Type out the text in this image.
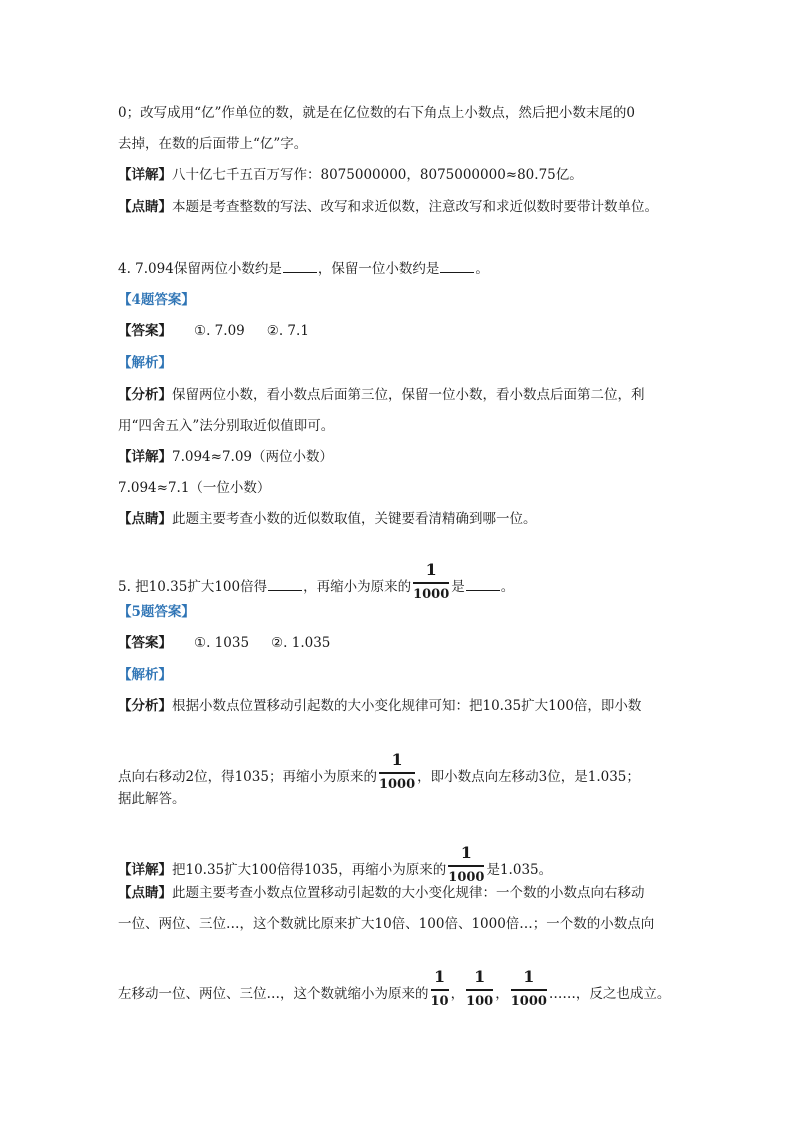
0；改写成用“亿”作单位的数，就是在亿位数的右下角点上小数点，然后把小数末尾的0
去掉，在数的后面带上“亿”字。
【详解】八十亿七千五百万写作：8075000000，8075000000≈80.75亿。
【点睛】本题是考查整数的写法、改写和求近似数，注意改写和求近似数时要带计数单位。
4. 7.094保留两位小数约是	，保留一位小数约是	。
【4题答案】
【答案】 ①. 7.09 ②. 7.1
【解析】
【分析】保留两位小数，看小数点后面第三位，保留一位小数，看小数点后面第二位，利
用“四舍五入”法分别取近似值即可。
【详解】7.094≈7.09（两位小数）
7.094≈7.1（一位小数）
【点睛】此题主要考查小数的近似数取值，关键要看清精确到哪一位。
5. 把10.35扩大100倍得	，再缩小为原来的 $\frac{1}{1000}$ 是	。
【5题答案】
【答案】 ①. 1035 ②. 1.035
【解析】
【分析】根据小数点位置移动引起数的大小变化规律可知：把10.35扩大100倍，即小数
点向右移动2位，得1035；再缩小为原来的 $\frac{1}{1000}$ ，即小数点向左移动3位，是1.035；
据此解答。
【详解】把10.35扩大100倍得1035，再缩小为原来的 $\frac{1}{1000}$ 是1.035。
【点睛】此题主要考查小数点位置移动引起数的大小变化规律：一个数的小数点向右移动
一位、两位、三位…，这个数就比原来扩大10倍、100倍、1000倍…；一个数的小数点向
左移动一位、两位、三位…，这个数就缩小为原来的 $\frac{1}{10}$ ， $\frac{1}{100}$ ， $\frac{1}{1000}$ ……，反之也成立。
